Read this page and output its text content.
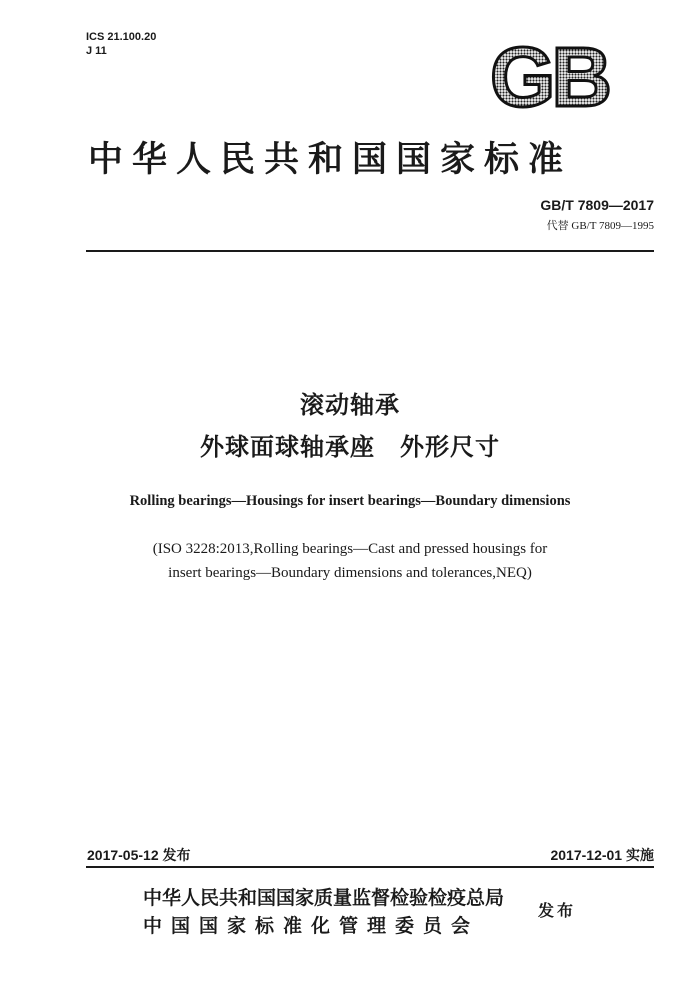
ICS 21.100.20
J 11	GB
中华人民共和国国家标准
GB/T 7809—2017
代替 GB/T 7809—1995
滚动轴承
外球面球轴承座　外形尺寸
Rolling bearings—Housings for insert bearings—Boundary dimensions
(ISO 3228:2013,Rolling bearings—Cast and pressed housings for
insert bearings—Boundary dimensions and tolerances,NEQ)
2017-05-12 发布	2017-12-01 实施
中华人民共和国国家质量监督检验检疫总局
中国国家标准化管理委员会
发布
